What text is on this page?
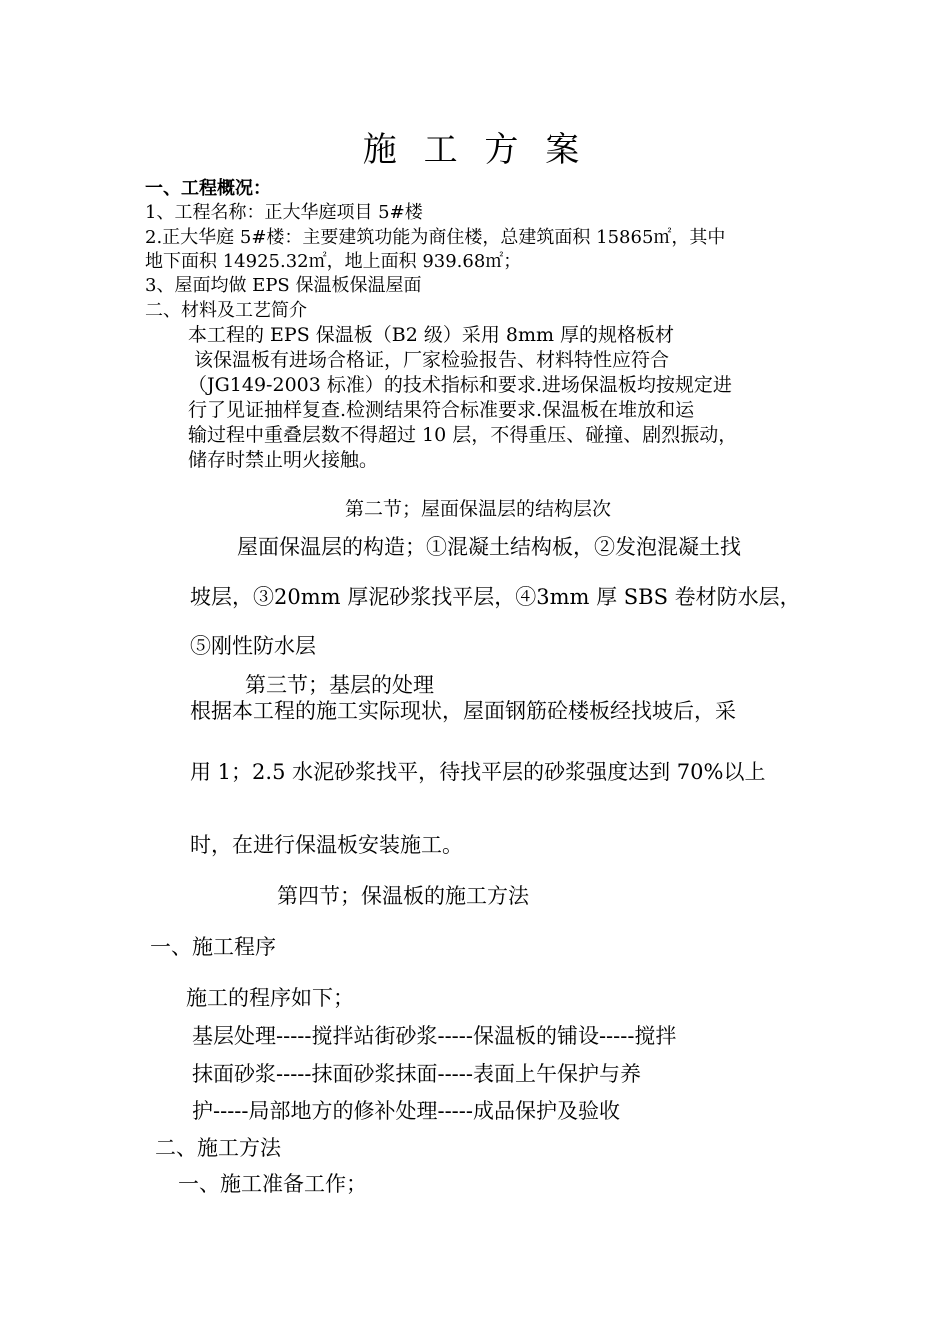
施 工 方 案
一、工程概况：
1、工程名称：正大华庭项目 5#楼
2.正大华庭 5#楼：主要建筑功能为商住楼，总建筑面积 15865㎡，其中
地下面积 14925.32㎡，地上面积 939.68㎡；
3、屋面均做 EPS 保温板保温屋面
二、材料及工艺简介
本工程的 EPS 保温板（B2 级）采用 8mm 厚的规格板材
该保温板有进场合格证，厂家检验报告、材料特性应符合
（JG149-2003 标准）的技术指标和要求.进场保温板均按规定进
行了见证抽样复查.检测结果符合标准要求.保温板在堆放和运
输过程中重叠层数不得超过 10 层，不得重压、碰撞、剧烈振动，
储存时禁止明火接触。
第二节；屋面保温层的结构层次
屋面保温层的构造；①混凝土结构板，②发泡混凝土找
坡层，③20mm 厚泥砂浆找平层，④3mm 厚 SBS 卷材防水层，
⑤刚性防水层
第三节；基层的处理
根据本工程的施工实际现状，屋面钢筋砼楼板经找坡后，采
用 1；2.5 水泥砂浆找平，待找平层的砂浆强度达到 70%以上
时，在进行保温板安装施工。
第四节；保温板的施工方法
一、施工程序
施工的程序如下；
基层处理-----搅拌站街砂浆-----保温板的铺设-----搅拌
抹面砂浆-----抹面砂浆抹面-----表面上午保护与养
护-----局部地方的修补处理-----成品保护及验收
二、施工方法
一、施工准备工作；
